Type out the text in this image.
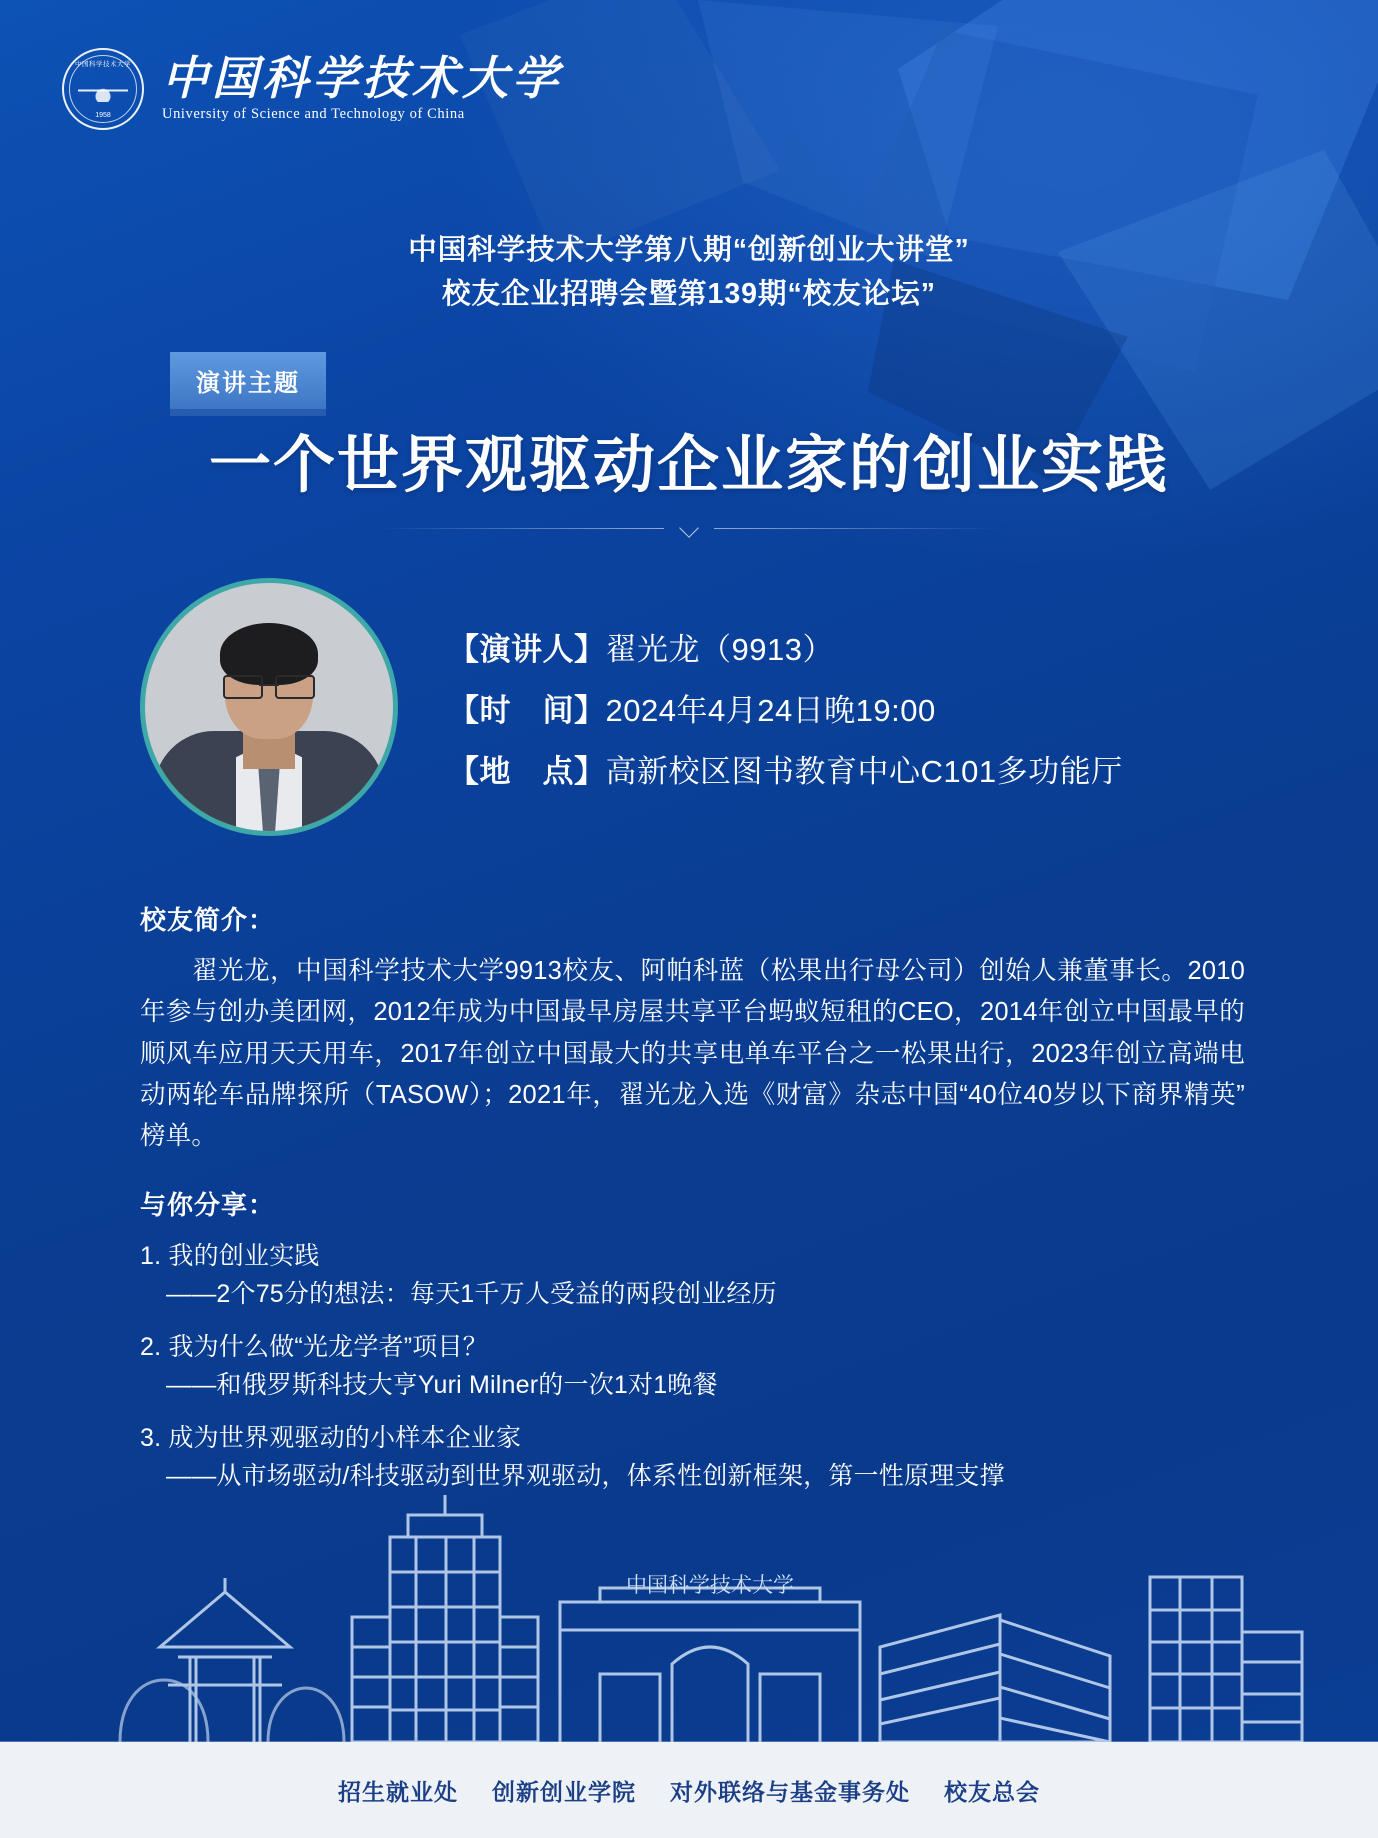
中国科学技术大学
1958
中国科学技术大学
University of Science and Technology of China
中国科学技术大学第八期“创新创业大讲堂”
校友企业招聘会暨第139期“校友论坛”
演讲主题
一个世界观驱动企业家的创业实践
【演讲人】翟光龙（9913）
【时　间】2024年4月24日晚19:00
【地　点】高新校区图书教育中心C101多功能厅
校友简介：
翟光龙，中国科学技术大学9913校友、阿帕科蓝（松果出行母公司）创始人兼董事长。2010年参与创办美团网，2012年成为中国最早房屋共享平台蚂蚁短租的CEO，2014年创立中国最早的顺风车应用天天用车，2017年创立中国最大的共享电单车平台之一松果出行，2023年创立高端电动两轮车品牌探所（TASOW）；2021年，翟光龙入选《财富》杂志中国“40位40岁以下商界精英”榜单。
与你分享：
1. 我的创业实践
——2个75分的想法：每天1千万人受益的两段创业经历
2. 我为什么做“光龙学者”项目？
——和俄罗斯科技大亨Yuri Milner的一次1对1晚餐
3. 成为世界观驱动的小样本企业家
——从市场驱动/科技驱动到世界观驱动，体系性创新框架，第一性原理支撑
中国科学技术大学
招生就业处 创新创业学院 对外联络与基金事务处 校友总会
